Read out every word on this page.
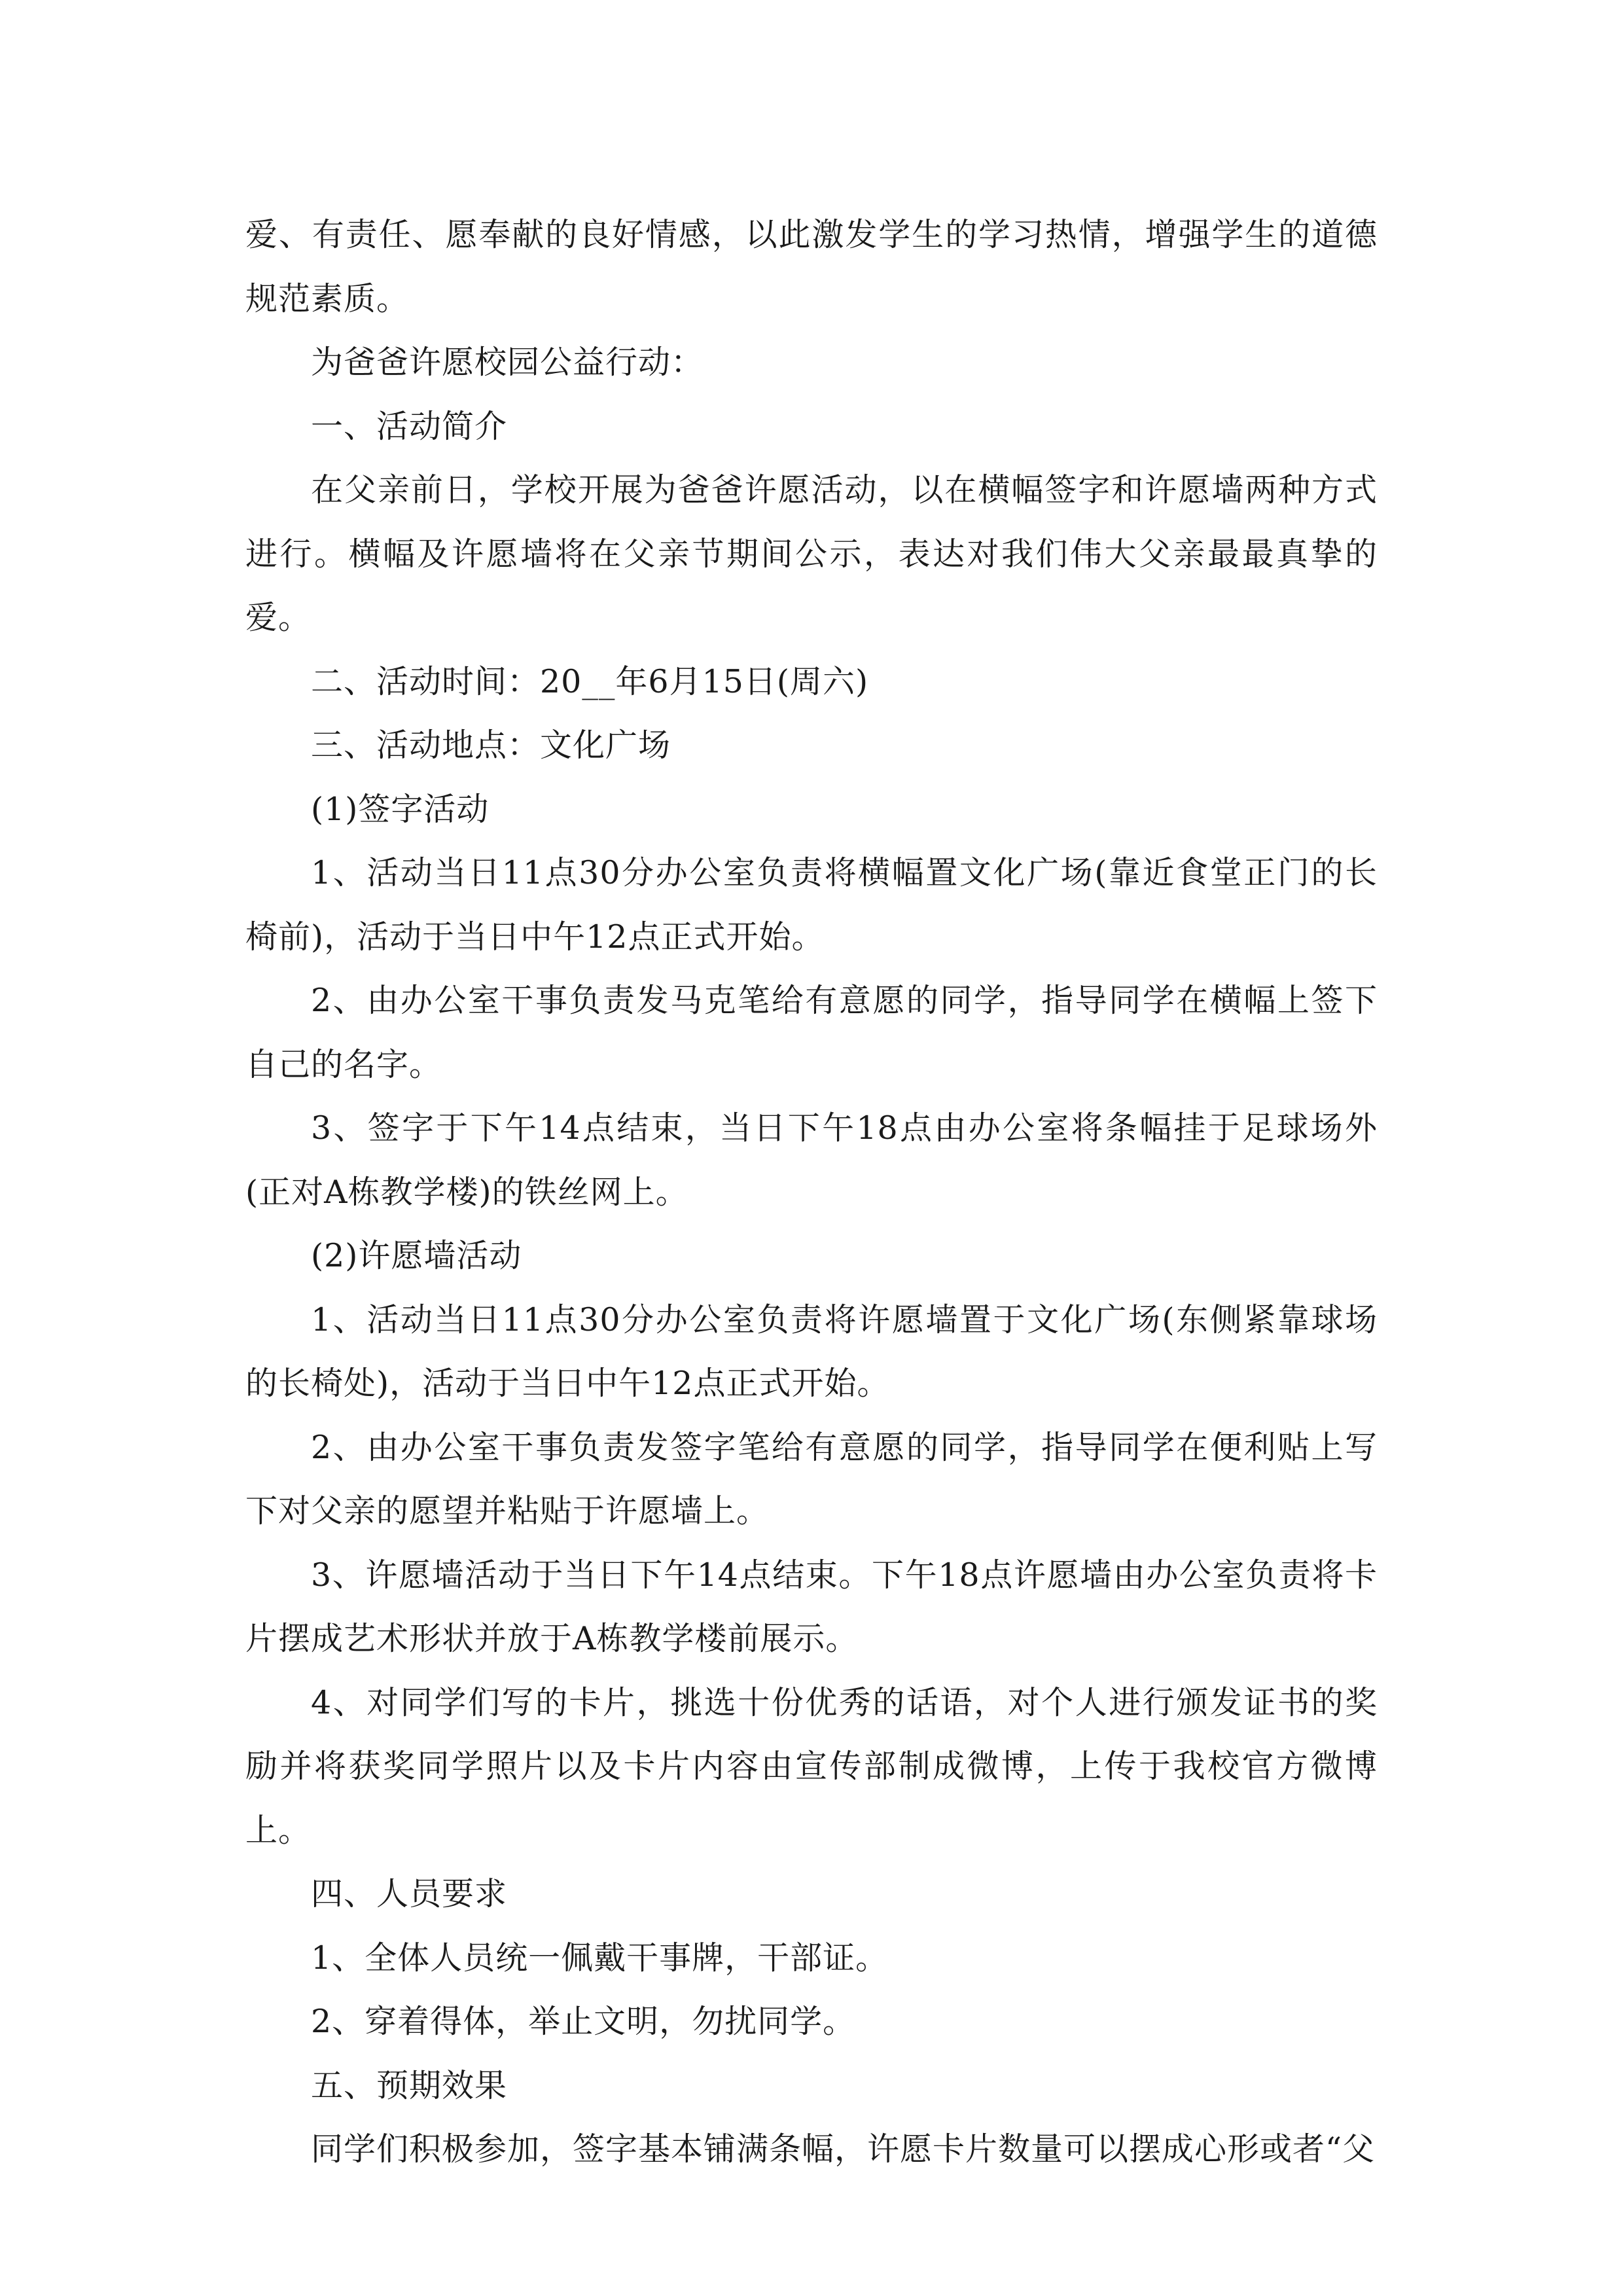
爱、有责任、愿奉献的良好情感，以此激发学生的学习热情，增强学生的道德规范素质。

为爸爸许愿校园公益行动：

一、活动简介

在父亲前日，学校开展为爸爸许愿活动，以在横幅签字和许愿墙两种方式进行。横幅及许愿墙将在父亲节期间公示，表达对我们伟大父亲最最真挚的爱。

二、活动时间：20__年6月15日(周六)

三、活动地点：文化广场

(1)签字活动

1、活动当日11点30分办公室负责将横幅置文化广场(靠近食堂正门的长椅前)，活动于当日中午12点正式开始。

2、由办公室干事负责发马克笔给有意愿的同学，指导同学在横幅上签下自己的名字。

3、签字于下午14点结束，当日下午18点由办公室将条幅挂于足球场外(正对A栋教学楼)的铁丝网上。

(2)许愿墙活动

1、活动当日11点30分办公室负责将许愿墙置于文化广场(东侧紧靠球场的长椅处)，活动于当日中午12点正式开始。

2、由办公室干事负责发签字笔给有意愿的同学，指导同学在便利贴上写下对父亲的愿望并粘贴于许愿墙上。

3、许愿墙活动于当日下午14点结束。下午18点许愿墙由办公室负责将卡片摆成艺术形状并放于A栋教学楼前展示。

4、对同学们写的卡片，挑选十份优秀的话语，对个人进行颁发证书的奖励并将获奖同学照片以及卡片内容由宣传部制成微博，上传于我校官方微博上。

四、人员要求

1、全体人员统一佩戴干事牌，干部证。

2、穿着得体，举止文明，勿扰同学。

五、预期效果

同学们积极参加，签字基本铺满条幅，许愿卡片数量可以摆成心形或者“父
